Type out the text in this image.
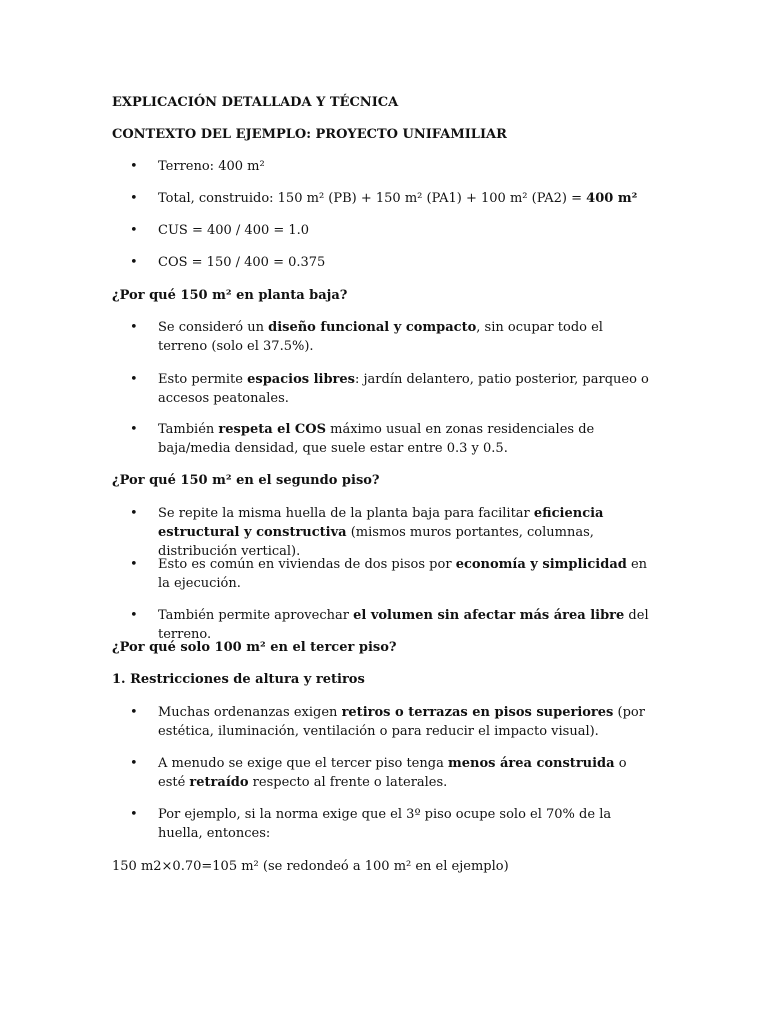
EXPLICACIÓN DETALLADA Y TÉCNICA

CONTEXTO DEL EJEMPLO: PROYECTO UNIFAMILIAR

• Terreno: 400 m²

• Total, construido: 150 m² (PB) + 150 m² (PA1) + 100 m² (PA2) = 400 m²

• CUS = 400 / 400 = 1.0

• COS = 150 / 400 = 0.375

¿Por qué 150 m² en planta baja?

• Se consideró un diseño funcional y compacto, sin ocupar todo el terreno (solo el 37.5%).

• Esto permite espacios libres: jardín delantero, patio posterior, parqueo o accesos peatonales.

• También respeta el COS máximo usual en zonas residenciales de baja/media densidad, que suele estar entre 0.3 y 0.5.

¿Por qué 150 m² en el segundo piso?

• Se repite la misma huella de la planta baja para facilitar eficiencia estructural y constructiva (mismos muros portantes, columnas, distribución vertical).

• Esto es común en viviendas de dos pisos por economía y simplicidad en la ejecución.

• También permite aprovechar el volumen sin afectar más área libre del terreno.

¿Por qué solo 100 m² en el tercer piso?

1. Restricciones de altura y retiros

• Muchas ordenanzas exigen retiros o terrazas en pisos superiores (por estética, iluminación, ventilación o para reducir el impacto visual).

• A menudo se exige que el tercer piso tenga menos área construida o esté retraído respecto al frente o laterales.

• Por ejemplo, si la norma exige que el 3º piso ocupe solo el 70% de la huella, entonces:

150 m2×0.70=105 m² (se redondeó a 100 m² en el ejemplo)
